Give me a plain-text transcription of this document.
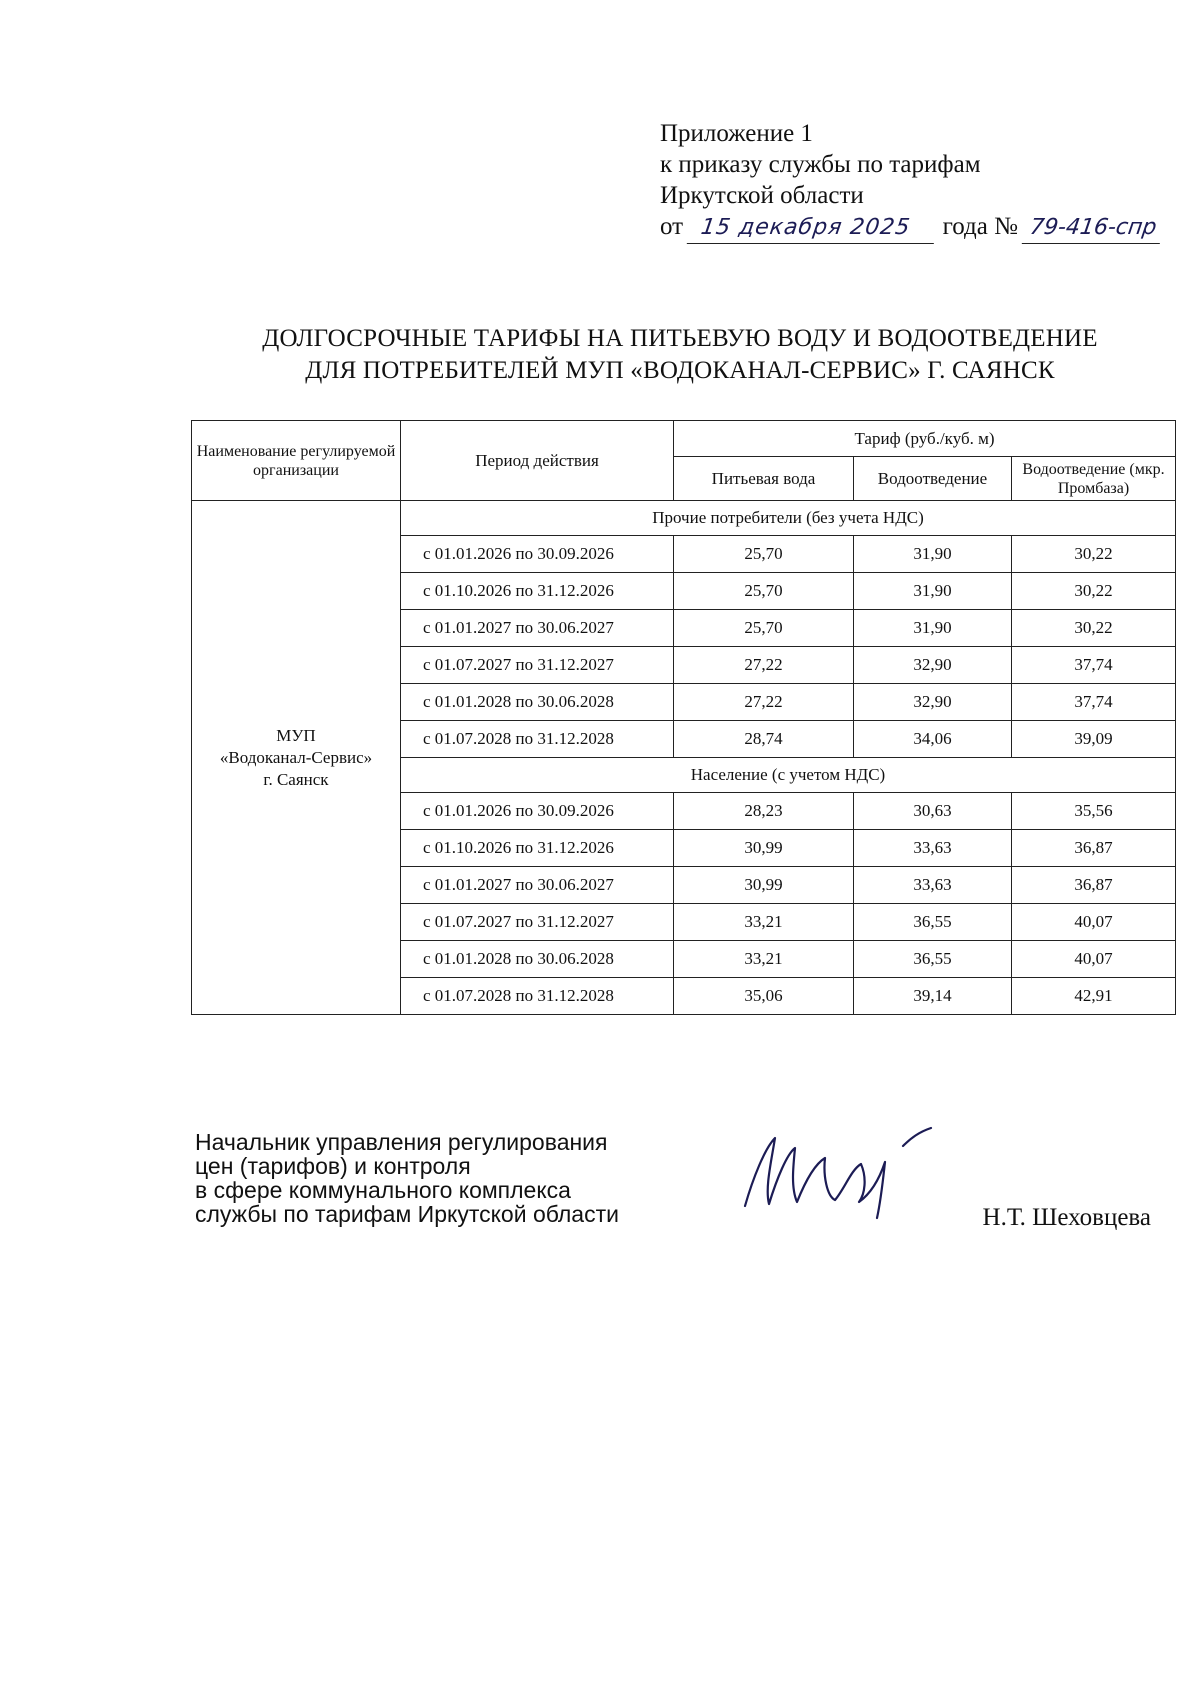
Приложение 1
к приказу службы по тарифам
Иркутской области
от 15 декабря 2025 года № 79-416-спр
ДОЛГОСРОЧНЫЕ ТАРИФЫ НА ПИТЬЕВУЮ ВОДУ И ВОДООТВЕДЕНИЕ
ДЛЯ ПОТРЕБИТЕЛЕЙ МУП «ВОДОКАНАЛ-СЕРВИС» Г. САЯНСК
Наименование регулируемой организации	Период действия	Тариф (руб./куб. м)		
		Питьевая вода	Водоотведение	Водоотведение (мкр. Промбаза)

МУП
«Водоканал-Сервис»
г. Саянск	Прочие потребители (без учета НДС)			
	с 01.01.2026 по 30.09.2026	25,70	31,90	30,22
	с 01.10.2026 по 31.12.2026	25,70	31,90	30,22
	с 01.01.2027 по 30.06.2027	25,70	31,90	30,22
	с 01.07.2027 по 31.12.2027	27,22	32,90	37,74
	с 01.01.2028 по 30.06.2028	27,22	32,90	37,74
	с 01.07.2028 по 31.12.2028	28,74	34,06	39,09
	Население (с учетом НДС)			
	с 01.01.2026 по 30.09.2026	28,23	30,63	35,56
	с 01.10.2026 по 31.12.2026	30,99	33,63	36,87
	с 01.01.2027 по 30.06.2027	30,99	33,63	36,87
	с 01.07.2027 по 31.12.2027	33,21	36,55	40,07
	с 01.01.2028 по 30.06.2028	33,21	36,55	40,07
	с 01.07.2028 по 31.12.2028	35,06	39,14	42,91
Начальник управления регулирования
цен (тарифов) и контроля
в сфере коммунального комплекса
службы по тарифам Иркутской области	Н.Т. Шеховцева
